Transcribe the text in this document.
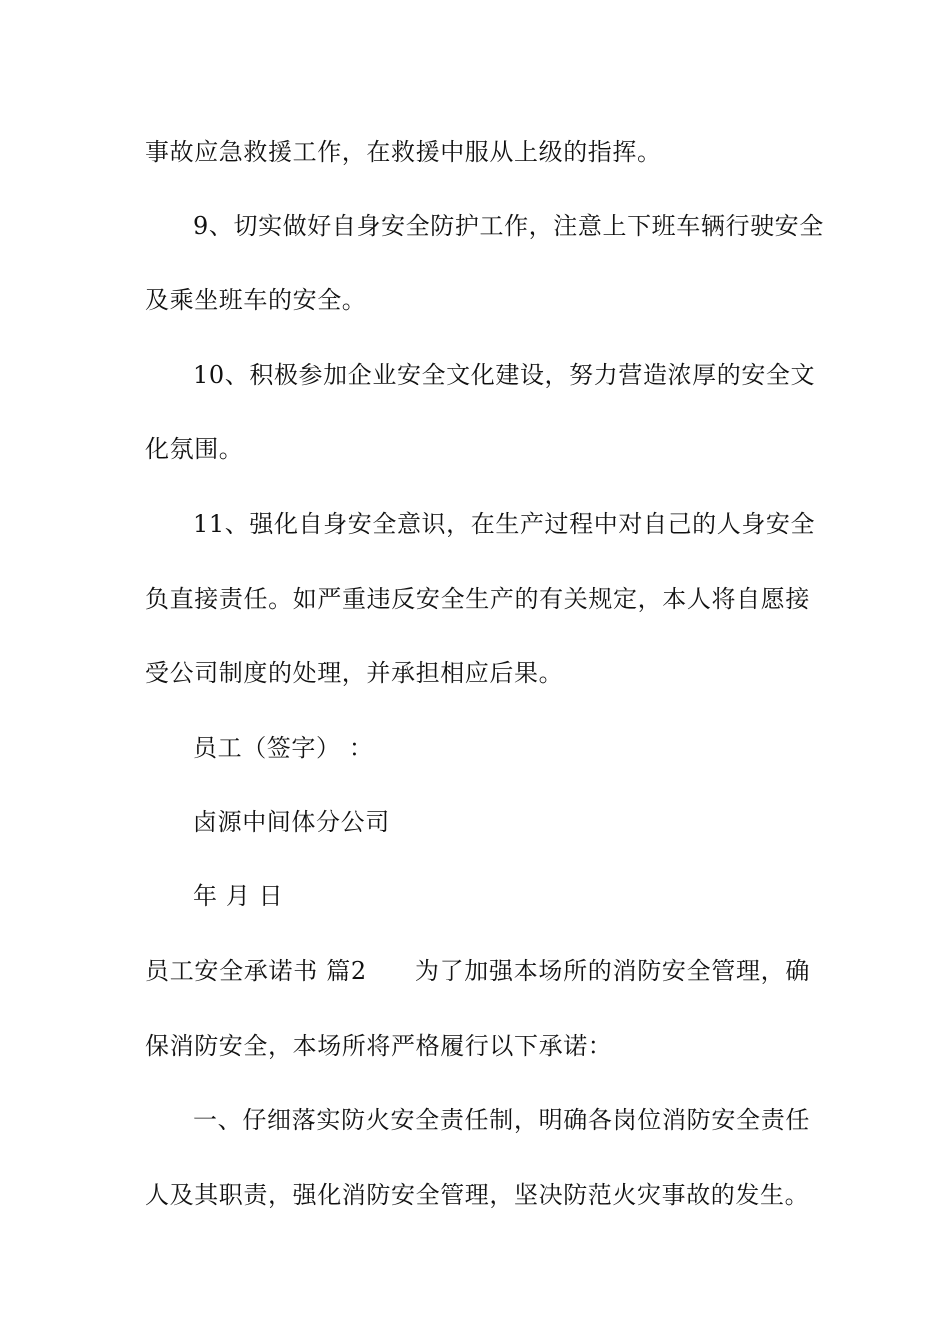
事故应急救援工作，在救援中服从上级的指挥。
9、切实做好自身安全防护工作，注意上下班车辆行驶安全
及乘坐班车的安全。
10、积极参加企业安全文化建设，努力营造浓厚的安全文
化氛围。
11、强化自身安全意识，在生产过程中对自己的人身安全
负直接责任。如严重违反安全生产的有关规定，本人将自愿接
受公司制度的处理，并承担相应后果。
员工（签字） ：
卤源中间体分公司
年 月 日
员工安全承诺书 篇2 为了加强本场所的消防安全管理，确
保消防安全，本场所将严格履行以下承诺：
一、仔细落实防火安全责任制，明确各岗位消防安全责任
人及其职责，强化消防安全管理，坚决防范火灾事故的发生。
